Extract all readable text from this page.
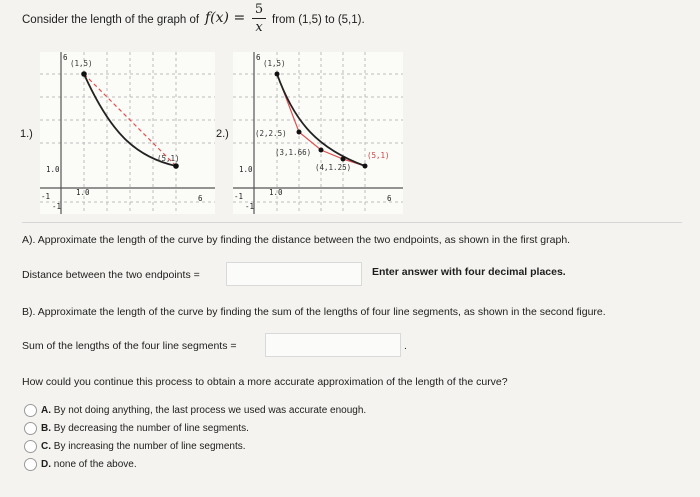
Consider the length of the graph of f(x) =
5
x from (1,5) to (5,1).
1.)
(1,5)
(5,1)
1.0
-1
-1	1.0
6
6
2.)
(1,5)
(2,2.5)
(3,1.66)
(4,1.25)
(5,1)
1.0
-1
-1	1.0
6
6
A). Approximate the length of the curve by finding the distance between the two endpoints, as shown in the first graph.
Distance between the two endpoints =	Enter answer with four decimal places.
B). Approximate the length of the curve by finding the sum of the lengths of four line segments, as shown in the second figure.
Sum of the lengths of the four line segments =	.
How could you continue this process to obtain a more accurate approximation of the length of the curve?
A. By not doing anything, the last process we used was accurate enough.
B. By decreasing the number of line segments.
C. By increasing the number of line segments.
D. none of the above.
